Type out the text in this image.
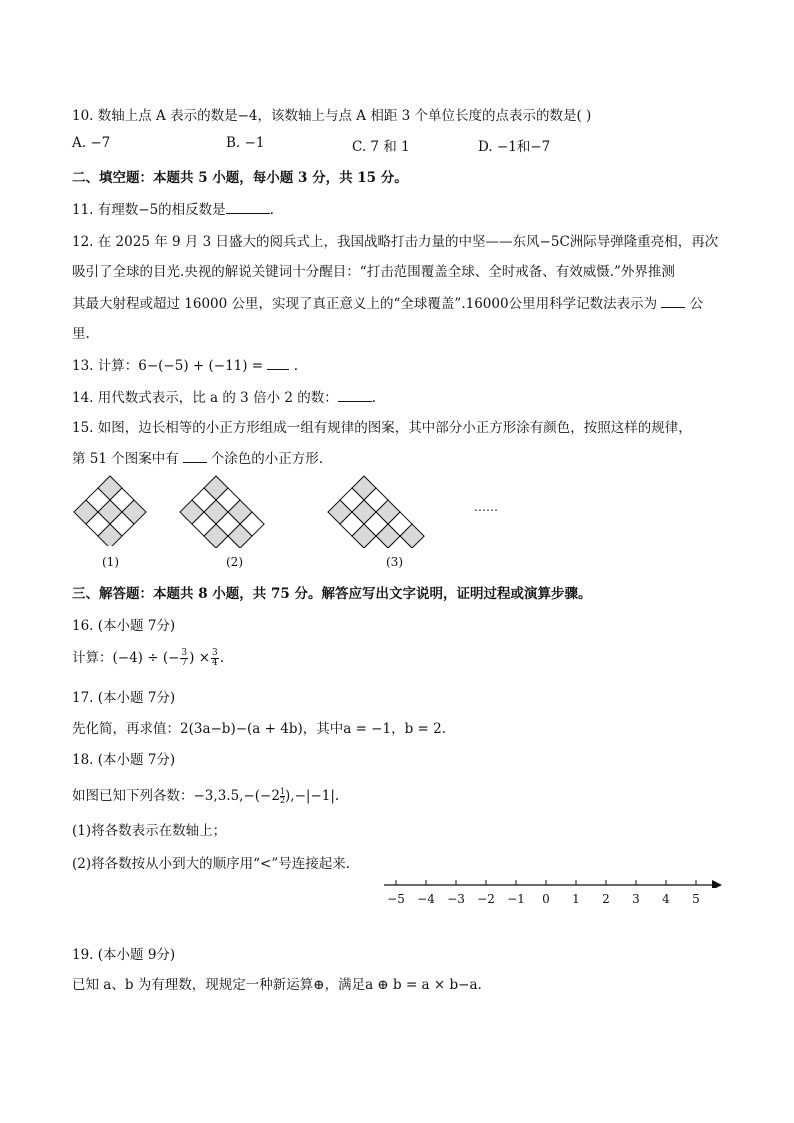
10. 数轴上点 A 表示的数是−4，该数轴上与点 A 相距 3 个单位长度的点表示的数是( )
A. −7	B. −1	C. 7 和 1	D. −1和−7
二、填空题：本题共 5 小题，每小题 3 分，共 15 分。
11. 有理数−5的相反数是	.
12. 在 2025 年 9 月 3 日盛大的阅兵式上，我国战略打击力量的中坚——东风−5C洲际导弹隆重亮相，再次
吸引了全球的目光.央视的解说关键词十分醒目：“打击范围覆盖全球、全时戒备、有效威慑.”外界推测
其最大射程或超过 16000 公里，实现了真正意义上的“全球覆盖”.16000公里用科学记数法表示为 公
里.
13. 计算：6−(−5) + (−11) =  .
14. 用代数式表示，比 a 的 3 倍小 2 的数：	.
15. 如图，边长相等的小正方形组成一组有规律的图案，其中部分小正方形涂有颜色，按照这样的规律，
第 51 个图案中有 个涂色的小正方形.
(1)	(2)	(3)
……
三、解答题：本题共 8 小题，共 75 分。解答应写出文字说明，证明过程或演算步骤。
16. (本小题 7分)
计算：(−4) ÷ (− $\frac{3}{7}$ ) × $\frac{3}{4}$ .
17. (本小题 7分)
先化简，再求值：2(3a−b)−(a + 4b)，其中a = −1，b = 2.
18. (本小题 7分)
如图已知下列各数：$-3,3.5,-(-2 \frac{1}{2} ),-|-1|$.
(1)将各数表示在数轴上；
(2)将各数按从小到大的顺序用“<”号连接起来.
−5 −4 −3 −2 −1	0	1	2	3	4	5
19. (本小题 9分)
已知 a、b 为有理数，现规定一种新运算⊕，满足a ⊕ b = a × b−a.
